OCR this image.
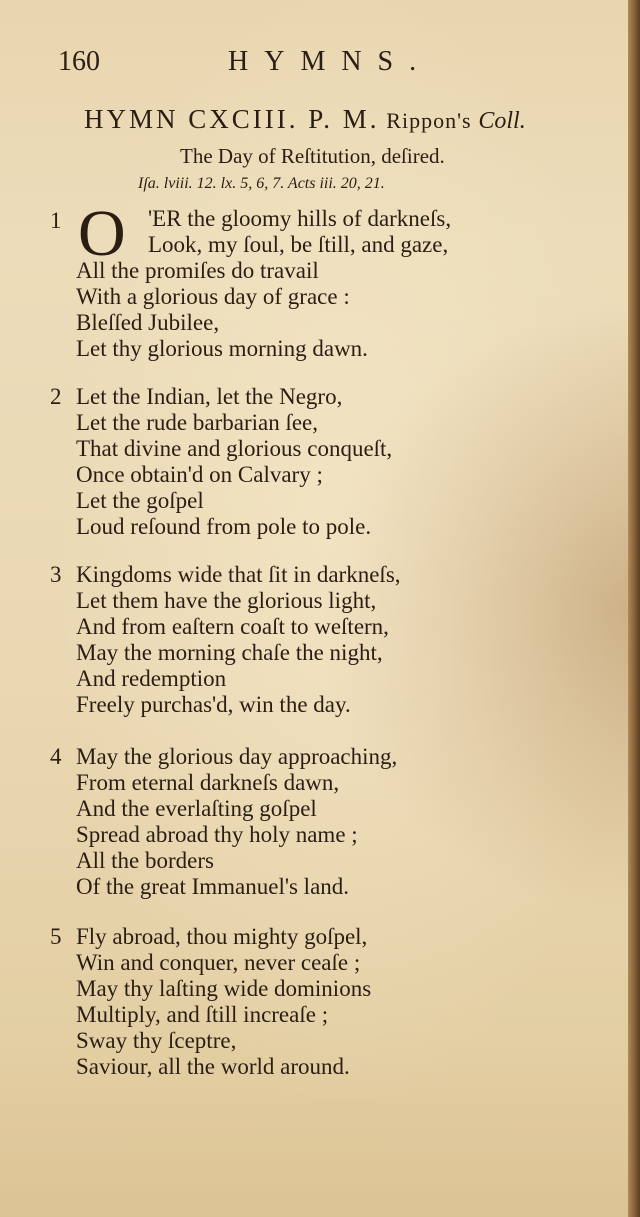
160	HYMNS.
HYMN CXCIII. P. M. Rippon's Coll.
The Day of Reſtitution, deſired.
Iſa. lviii. 12. lx. 5, 6, 7. Acts iii. 20, 21.
1 O 'ER the gloomy hills of darkneſs,
Look, my ſoul, be ſtill, and gaze,
All the promiſes do travail
With a glorious day of grace :
Bleſſed Jubilee,
Let thy glorious morning dawn.
2 Let the Indian, let the Negro,
Let the rude barbarian ſee,
That divine and glorious conqueſt,
Once obtain'd on Calvary ;
Let the goſpel
Loud reſound from pole to pole.
3 Kingdoms wide that ſit in darkneſs,
Let them have the glorious light,
And from eaſtern coaſt to weſtern,
May the morning chaſe the night,
And redemption
Freely purchas'd, win the day.
4 May the glorious day approaching,
From eternal darkneſs dawn,
And the everlaſting goſpel
Spread abroad thy holy name ;
All the borders
Of the great Immanuel's land.
5 Fly abroad, thou mighty goſpel,
Win and conquer, never ceaſe ;
May thy laſting wide dominions
Multiply, and ſtill increaſe ;
Sway thy ſceptre,
Saviour, all the world around.
